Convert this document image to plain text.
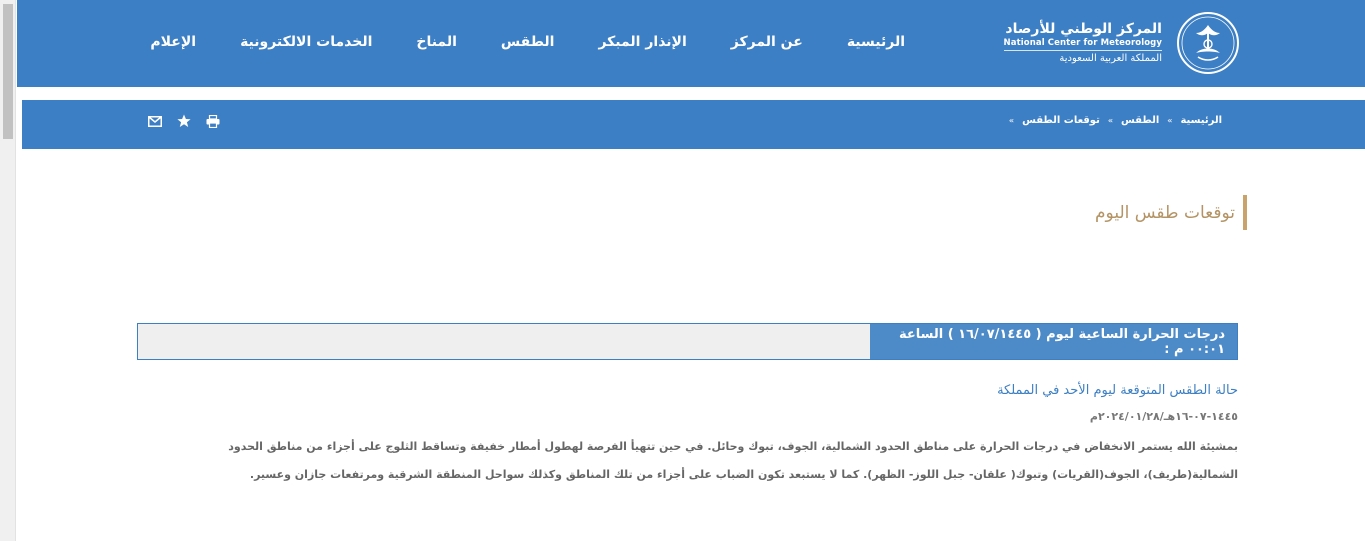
المركز الوطني للأرصاد
National Center for Meteorology
المملكة العربية السعودية
الرئيسية
عن المركز
الإنذار المبكر
الطقس
المناخ
الخدمات الالكترونية
الإعلام
الرئيسية
»
الطقس
»
توقعات الطقس
»
توقعات طقس اليوم
درجات الحرارة الساعية ليوم ( ١٦/٠٧/١٤٤٥ ) الساعة ٠٠:٠١ م :
حالة الطقس المتوقعة ليوم الأحد في المملكة
١٤٤٥-٠٧-١٦هـ/٢٠٢٤/٠١/٢٨م
بمشيئة الله يستمر الانخفاض في درجات الحرارة على مناطق الحدود الشمالية، الجوف، تبوك وحائل. في حين تتهيأ الفرصة لهطول أمطار خفيفة وتساقط الثلوج على أجزاء من مناطق الحدود الشمالية(طريف)، الجوف(القريات) وتبوك( علقان- جبل اللوز- الظهر). كما لا يستبعد تكون الضباب على أجزاء من تلك المناطق وكذلك سواحل المنطقة الشرقية ومرتفعات جازان وعسير.
